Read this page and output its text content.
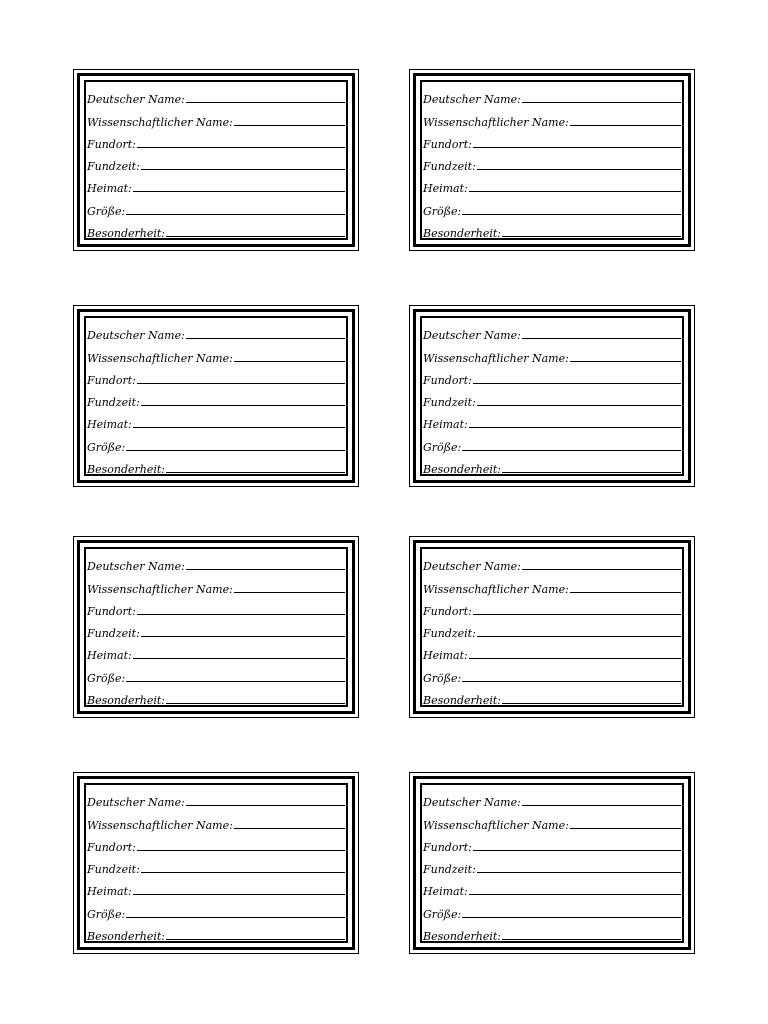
Deutscher Name:
Wissenschaftlicher Name:
Fundort:
Fundzeit:
Heimat:
Größe:
Besonderheit:
Deutscher Name:
Wissenschaftlicher Name:
Fundort:
Fundzeit:
Heimat:
Größe:
Besonderheit:
Deutscher Name:
Wissenschaftlicher Name:
Fundort:
Fundzeit:
Heimat:
Größe:
Besonderheit:
Deutscher Name:
Wissenschaftlicher Name:
Fundort:
Fundzeit:
Heimat:
Größe:
Besonderheit:
Deutscher Name:
Wissenschaftlicher Name:
Fundort:
Fundzeit:
Heimat:
Größe:
Besonderheit:
Deutscher Name:
Wissenschaftlicher Name:
Fundort:
Fundzeit:
Heimat:
Größe:
Besonderheit:
Deutscher Name:
Wissenschaftlicher Name:
Fundort:
Fundzeit:
Heimat:
Größe:
Besonderheit:
Deutscher Name:
Wissenschaftlicher Name:
Fundort:
Fundzeit:
Heimat:
Größe:
Besonderheit:
